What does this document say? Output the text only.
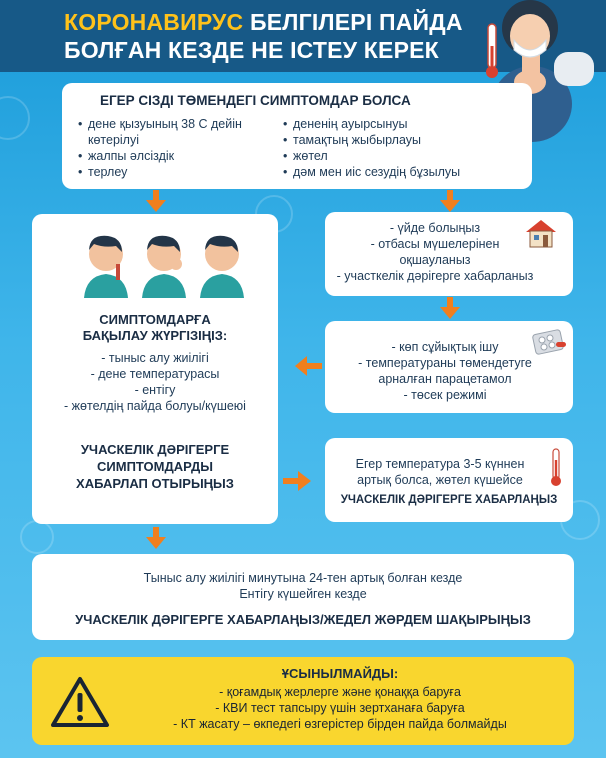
КОРОНАВИРУС БЕЛГІЛЕРІ ПАЙДА
БОЛҒАН КЕЗДЕ НЕ ІСТЕУ КЕРЕК
ЕГЕР СІЗДІ ТӨМЕНДЕГІ СИМПТОМДАР БОЛСА
• дене қызуының 38 С дейін көтерілуі
• жалпы әлсіздік
• терлеу
• дененің ауырсынуы
• тамақтың жыбырлауы
• жөтел
• дәм мен иіс сезудің бұзылуы
СИМПТОМДАРҒА
БАҚЫЛАУ ЖҮРГІЗІҢІЗ:
- тыныс алу жиілігі
- дене температурасы
- ентігу
- жөтелдің пайда болуы/күшеюі
УЧАСКЕЛІК ДӘРІГЕРГЕ
СИМПТОМДАРДЫ
ХАБАРЛАП ОТЫРЫҢЫЗ
- үйде болыңыз
- отбасы мүшелерінен
оқшауланыз
- участкелік дәрігерге хабарланыз
- көп сұйықтық ішу
- температураны төмендетуге
арналған парацетамол
- төсек режимі
Егер температура 3-5 күннен
артық болса, жөтел күшейсе
УЧАСКЕЛІК ДӘРІГЕРГЕ ХАБАРЛАҢЫЗ
Тыныс алу жиілігі минутына 24-тен артық болған кезде
Ентігу күшейген кезде
УЧАСКЕЛІК ДӘРІГЕРГЕ ХАБАРЛАҢЫЗ/ЖЕДЕЛ ЖӘРДЕМ ШАҚЫРЫҢЫЗ
ҰСЫНЫЛМАЙДЫ:
- қоғамдық жерлерге және қонаққа баруға
- КВИ тест тапсыру үшін зертханаға баруға
- КТ жасату – өкпедегі өзгерістер бірден пайда болмайды
